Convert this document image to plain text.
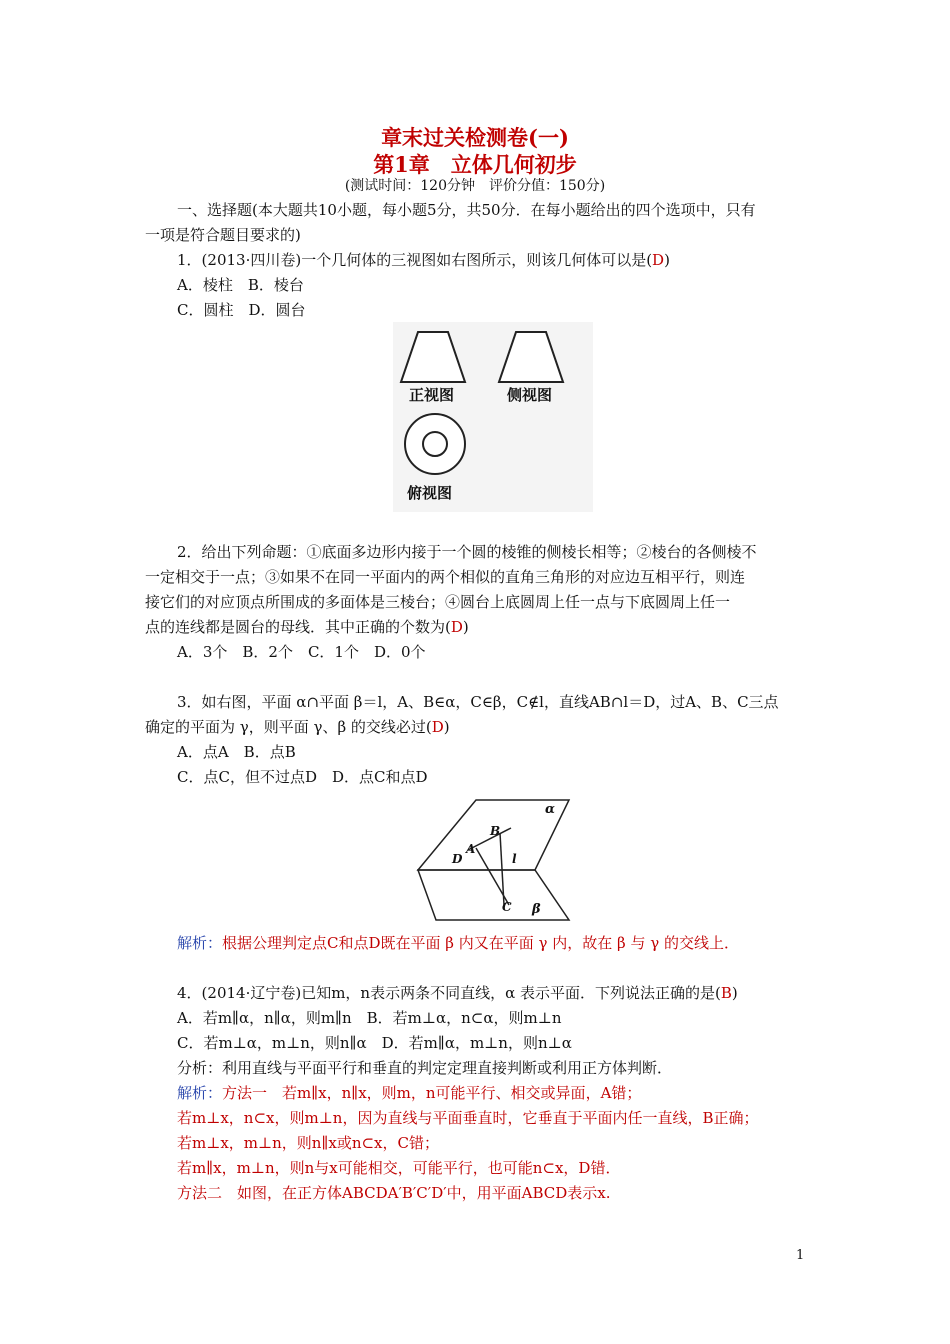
章末过关检测卷(一)
第1章　立体几何初步
(测试时间：120分钟　评价分值：150分)
一、选择题(本大题共10小题，每小题5分，共50分．在每小题给出的四个选项中，只有
一项是符合题目要求的)
1．(2013·四川卷)一个几何体的三视图如右图所示，则该几何体可以是(D)
A．棱柱　B．棱台
C．圆柱　D．圆台
正视图	侧视图
俯视图
2．给出下列命题：①底面多边形内接于一个圆的棱锥的侧棱长相等；②棱台的各侧棱不
一定相交于一点；③如果不在同一平面内的两个相似的直角三角形的对应边互相平行，则连
接它们的对应顶点所围成的多面体是三棱台；④圆台上底圆周上任一点与下底圆周上任一
点的连线都是圆台的母线．其中正确的个数为(D)
A．3个　B．2个　C．1个　D．0个
3．如右图，平面 α∩平面 β＝l，A、B∈α，C∈β，C∉l，直线AB∩l＝D，过A、B、C三点
确定的平面为 γ，则平面 γ、β 的交线必过(D)
A．点A　B．点B
C．点C，但不过点D　D．点C和点D
α
β
B
A
D	l
C
解析：根据公理判定点C和点D既在平面 β 内又在平面 γ 内，故在 β 与 γ 的交线上．
4．(2014·辽宁卷)已知m，n表示两条不同直线，α 表示平面．下列说法正确的是(B)
A．若m∥α，n∥α，则m∥n　B．若m⊥α，n⊂α，则m⊥n
C．若m⊥α，m⊥n，则n∥α　D．若m∥α，m⊥n，则n⊥α
分析：利用直线与平面平行和垂直的判定定理直接判断或利用正方体判断．
解析：方法一　若m∥x，n∥x，则m，n可能平行、相交或异面，A错；
若m⊥x，n⊂x，则m⊥n，因为直线与平面垂直时，它垂直于平面内任一直线，B正确；
若m⊥x，m⊥n，则n∥x或n⊂x，C错；
若m∥x，m⊥n，则n与x可能相交，可能平行，也可能n⊂x，D错．
方法二　如图，在正方体ABCDA′B′C′D′中，用平面ABCD表示x.
1
